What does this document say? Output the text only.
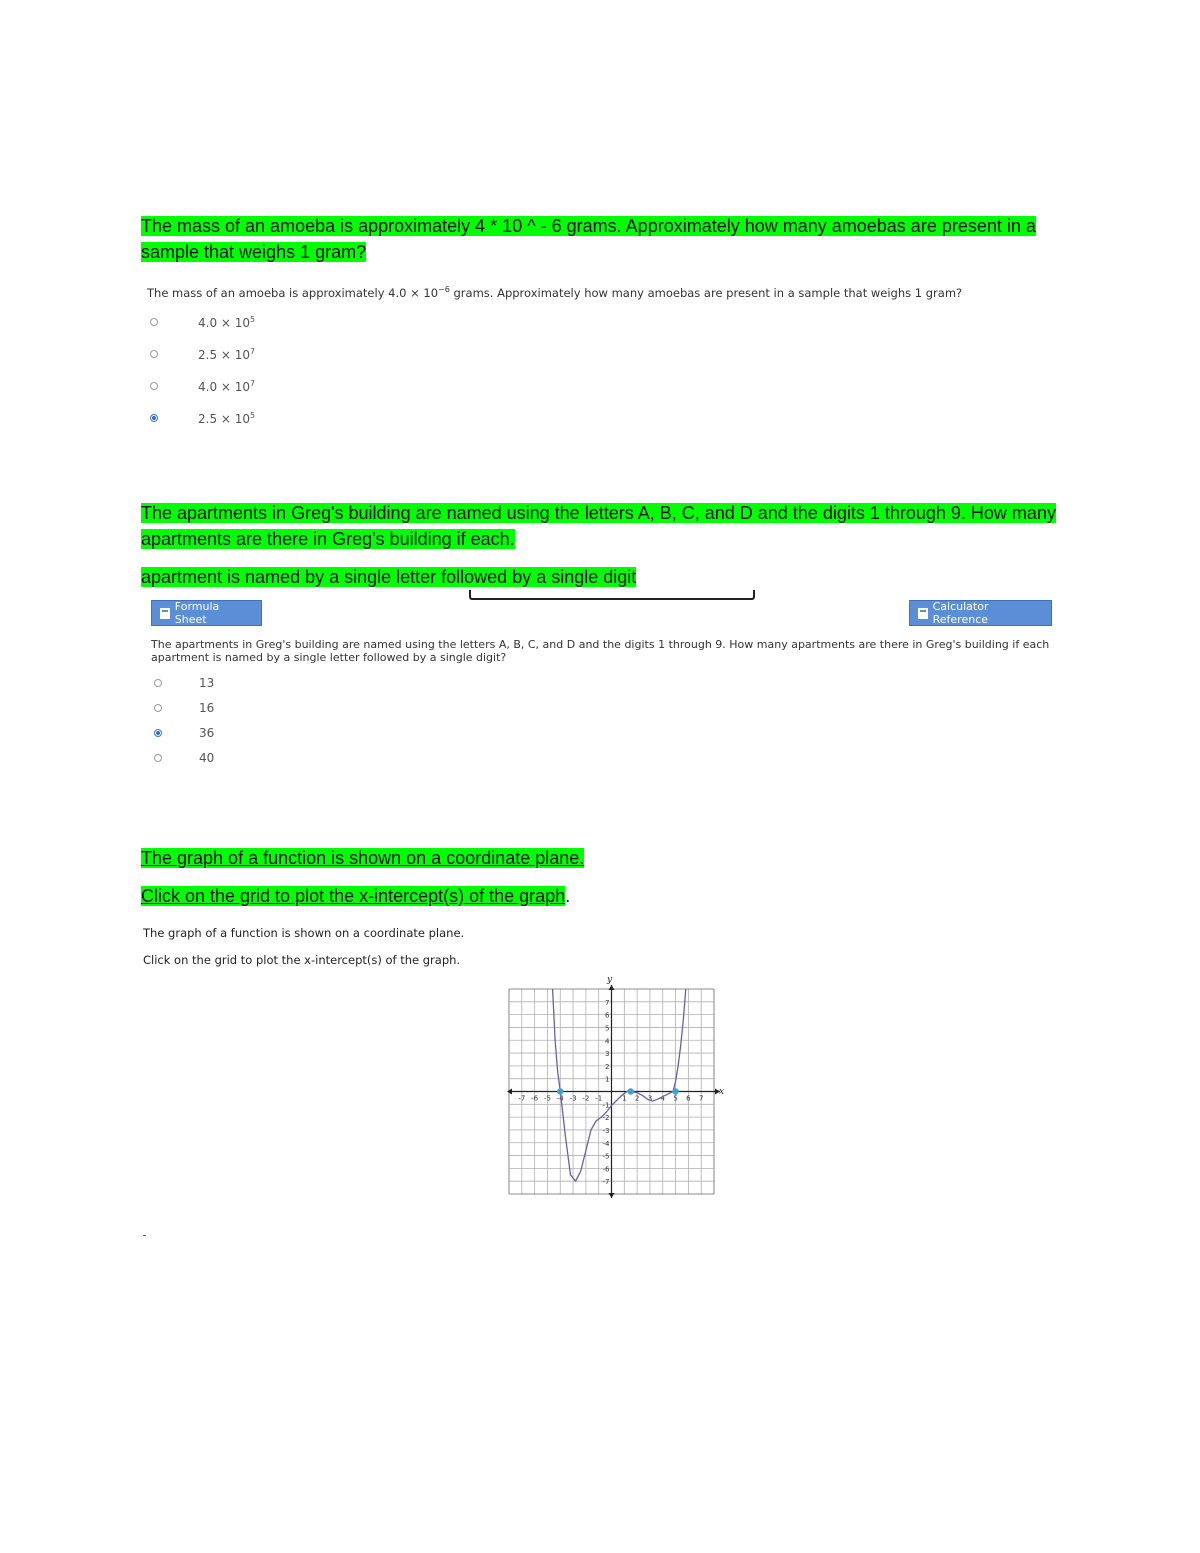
The mass of an amoeba is approximately 4 * 10 ^ - 6 grams. Approximately how many amoebas are present in a
sample that weighs 1 gram?
The mass of an amoeba is approximately $4.0 \times 10^{-6}$ grams. Approximately how many amoebas are present in a sample that weighs 1 gram?
$4.0 \times 10^5$
$2.5 \times 10^7$
$4.0 \times 10^7$
$2.5 \times 10^5$
The apartments in Greg's building are named using the letters A, B, C, and D and the digits 1 through 9. How many
apartments are there in Greg's building if each.
apartment is named by a single letter followed by a single digit
Formula Sheet
Calculator Reference
The apartments in Greg's building are named using the letters A, B, C, and D and the digits 1 through 9. How many apartments are there in Greg's building if each
apartment is named by a single letter followed by a single digit?
13
16
36
40
The graph of a function is shown on a coordinate plane.
Click on the grid to plot the x-intercept(s) of the graph.
The graph of a function is shown on a coordinate plane.
Click on the grid to plot the x-intercept(s) of the graph.
-7 -6 -5 -4 -3 -2 -1	1 2 3 4 5 6 7
7
6
5
4
3
2
1
-1
-2
-3
-4
-5
-6
-7
x
y
